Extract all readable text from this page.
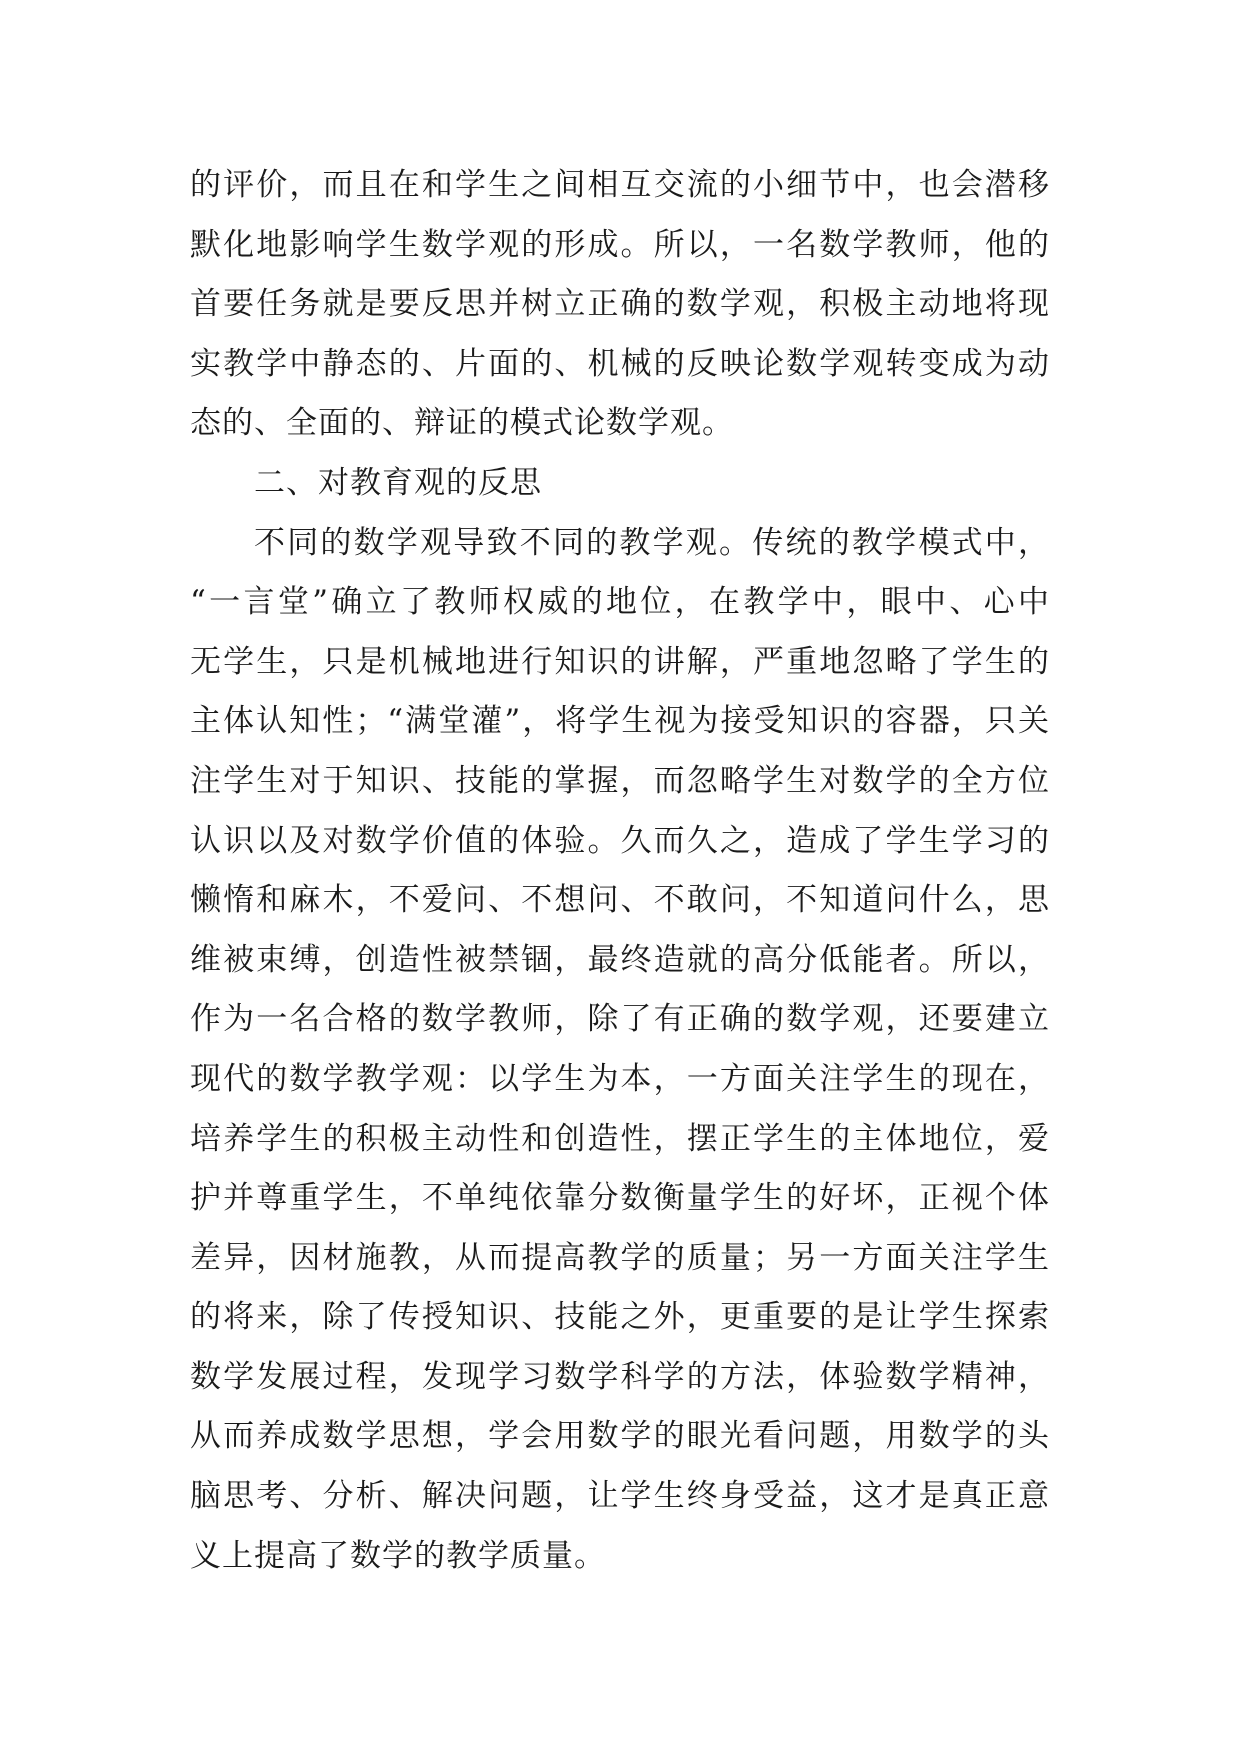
的评价，而且在和学生之间相互交流的小细节中，也会潜移
默化地影响学生数学观的形成。所以，一名数学教师，他的
首要任务就是要反思并树立正确的数学观，积极主动地将现
实教学中静态的、片面的、机械的反映论数学观转变成为动
态的、全面的、辩证的模式论数学观。
二、对教育观的反思
不同的数学观导致不同的教学观。传统的教学模式中，
“一言堂”确立了教师权威的地位，在教学中，眼中、心中
无学生，只是机械地进行知识的讲解，严重地忽略了学生的
主体认知性；“满堂灌”，将学生视为接受知识的容器，只关
注学生对于知识、技能的掌握，而忽略学生对数学的全方位
认识以及对数学价值的体验。久而久之，造成了学生学习的
懒惰和麻木，不爱问、不想问、不敢问，不知道问什么，思
维被束缚，创造性被禁锢，最终造就的高分低能者。所以，
作为一名合格的数学教师，除了有正确的数学观，还要建立
现代的数学教学观：以学生为本，一方面关注学生的现在，
培养学生的积极主动性和创造性，摆正学生的主体地位，爱
护并尊重学生，不单纯依靠分数衡量学生的好坏，正视个体
差异，因材施教，从而提高教学的质量；另一方面关注学生
的将来，除了传授知识、技能之外，更重要的是让学生探索
数学发展过程，发现学习数学科学的方法，体验数学精神，
从而养成数学思想，学会用数学的眼光看问题，用数学的头
脑思考、分析、解决问题，让学生终身受益，这才是真正意
义上提高了数学的教学质量。
